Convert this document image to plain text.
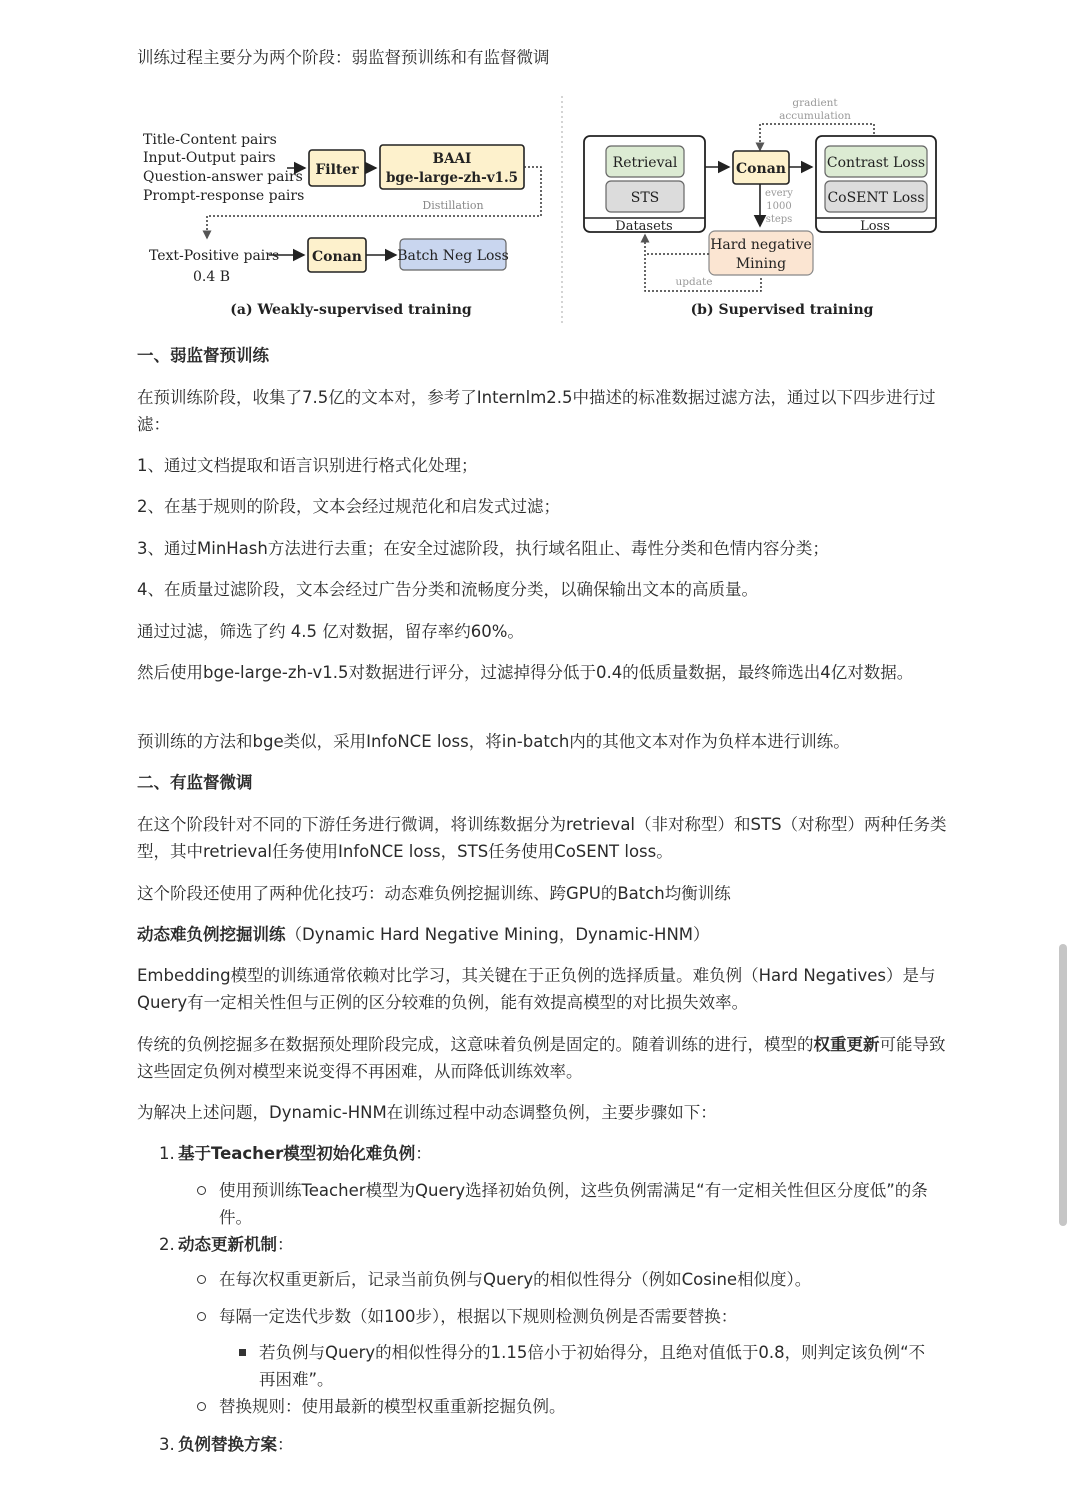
训练过程主要分为两个阶段：弱监督预训练和有监督微调

Title-Content pairs
Input-Output pairs
Question-answer pairs
Prompt-response pairs
Filter
BAAI
bge-large-zh-v1.5
Distillation
Text-Positive pairs
0.4 B
Conan	Batch Neg Loss
(a) Weakly-supervised training
gradient
accumulation
Retrieval
STS
Datasets
Conan	Contrast Loss
CoSENT Loss
Loss
every
1000
steps
Hard negative
Mining
update
(b) Supervised training

一、弱监督预训练

在预训练阶段，收集了7.5亿的文本对，参考了Internlm2.5中描述的标准数据过滤方法，通过以下四步进行过滤：

1、通过文档提取和语言识别进行格式化处理；

2、在基于规则的阶段，文本会经过规范化和启发式过滤；

3、通过MinHash方法进行去重；在安全过滤阶段，执行域名阻止、毒性分类和色情内容分类；

4、在质量过滤阶段，文本会经过广告分类和流畅度分类，以确保输出文本的高质量。

通过过滤，筛选了约 4.5 亿对数据，留存率约60%。

然后使用bge-large-zh-v1.5对数据进行评分，过滤掉得分低于0.4的低质量数据，最终筛选出4亿对数据。

预训练的方法和bge类似，采用InfoNCE loss，将in-batch内的其他文本对作为负样本进行训练。

二、有监督微调

在这个阶段针对不同的下游任务进行微调，将训练数据分为retrieval（非对称型）和STS（对称型）两种任务类型，其中retrieval任务使用InfoNCE loss，STS任务使用CoSENT loss。

这个阶段还使用了两种优化技巧：动态难负例挖掘训练、跨GPU的Batch均衡训练

动态难负例挖掘训练（Dynamic Hard Negative Mining，Dynamic-HNM）

Embedding模型的训练通常依赖对比学习，其关键在于正负例的选择质量。难负例（Hard Negatives）是与Query有一定相关性但与正例的区分较难的负例，能有效提高模型的对比损失效率。

传统的负例挖掘多在数据预处理阶段完成，这意味着负例是固定的。随着训练的进行，模型的权重更新可能导致这些固定负例对模型来说变得不再困难，从而降低训练效率。

为解决上述问题，Dynamic-HNM在训练过程中动态调整负例，主要步骤如下：

1. 基于Teacher模型初始化难负例：

使用预训练Teacher模型为Query选择初始负例，这些负例需满足“有一定相关性但区分度低”的条件。

2. 动态更新机制：

在每次权重更新后，记录当前负例与Query的相似性得分（例如Cosine相似度）。

每隔一定迭代步数（如100步），根据以下规则检测负例是否需要替换：

若负例与Query的相似性得分的1.15倍小于初始得分，且绝对值低于0.8，则判定该负例“不再困难”。

替换规则：使用最新的模型权重重新挖掘负例。

3. 负例替换方案：
